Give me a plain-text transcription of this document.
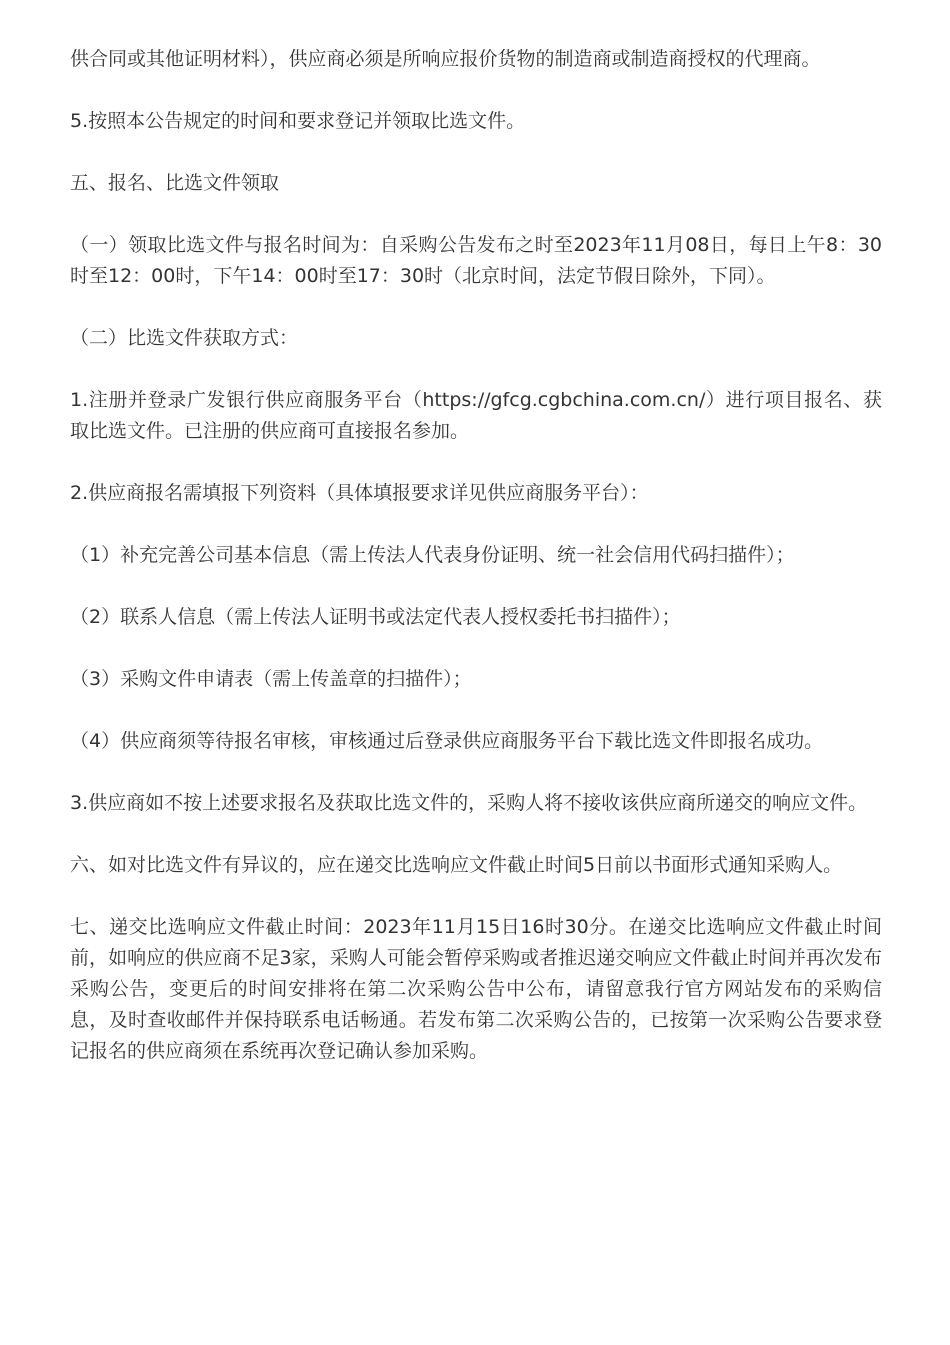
供合同或其他证明材料），供应商必须是所响应报价货物的制造商或制造商授权的代理商。

5.按照本公告规定的时间和要求登记并领取比选文件。

五、报名、比选文件领取

（一）领取比选文件与报名时间为：自采购公告发布之时至2023年11月08日，每日上午8：30时至12：00时，下午14：00时至17：30时（北京时间，法定节假日除外，下同）。

（二）比选文件获取方式：

1.注册并登录广发银行供应商服务平台（https://gfcg.cgbchina.com.cn/）进行项目报名、获取比选文件。已注册的供应商可直接报名参加。

2.供应商报名需填报下列资料（具体填报要求详见供应商服务平台）：

（1）补充完善公司基本信息（需上传法人代表身份证明、统一社会信用代码扫描件）；

（2）联系人信息（需上传法人证明书或法定代表人授权委托书扫描件）；

（3）采购文件申请表（需上传盖章的扫描件）；

（4）供应商须等待报名审核，审核通过后登录供应商服务平台下载比选文件即报名成功。

3.供应商如不按上述要求报名及获取比选文件的，采购人将不接收该供应商所递交的响应文件。

六、如对比选文件有异议的，应在递交比选响应文件截止时间5日前以书面形式通知采购人。

七、递交比选响应文件截止时间：2023年11月15日16时30分。在递交比选响应文件截止时间前，如响应的供应商不足3家，采购人可能会暂停采购或者推迟递交响应文件截止时间并再次发布采购公告，变更后的时间安排将在第二次采购公告中公布，请留意我行官方网站发布的采购信息，及时查收邮件并保持联系电话畅通。若发布第二次采购公告的，已按第一次采购公告要求登记报名的供应商须在系统再次登记确认参加采购。
